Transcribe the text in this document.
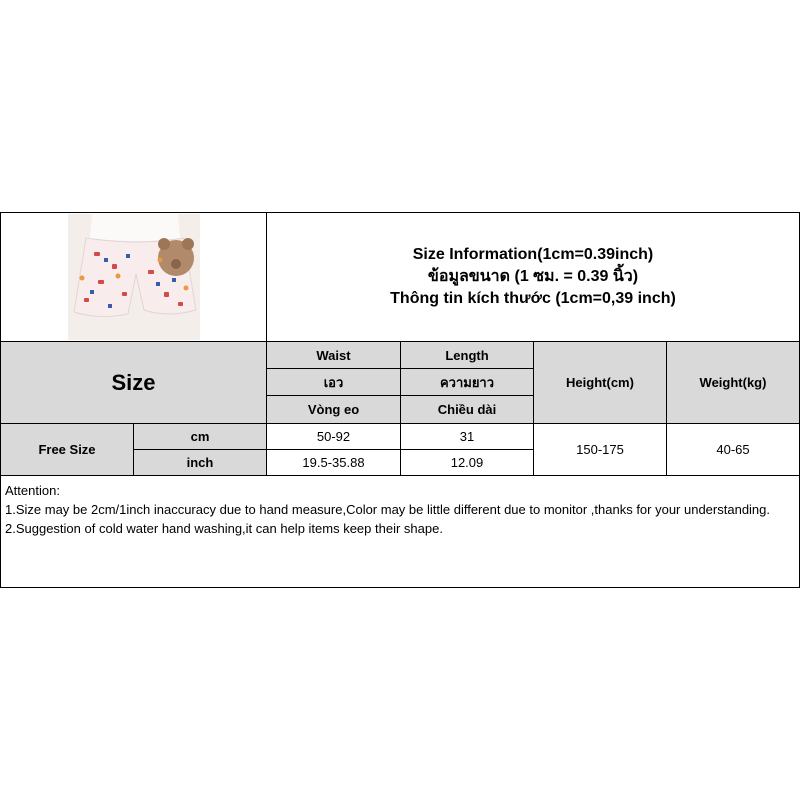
Size Information(1cm=0.39inch)
ข้อมูลขนาด (1 ซม. = 0.39 นิ้ว)
Thông tin kích thước (1cm=0,39 inch)
Size
Waist
เอว
Vòng eo
Length
ความยาว
Chiều dài
Height(cm)	Weight(kg)
Free Size
cm
inch
50-92
19.5-35.88
31
12.09
150-175	40-65
Attention:
1.Size may be 2cm/1inch inaccuracy due to hand measure,Color may be little different due to monitor ,thanks for your understanding.
2.Suggestion of cold water hand washing,it can help items keep their shape.
